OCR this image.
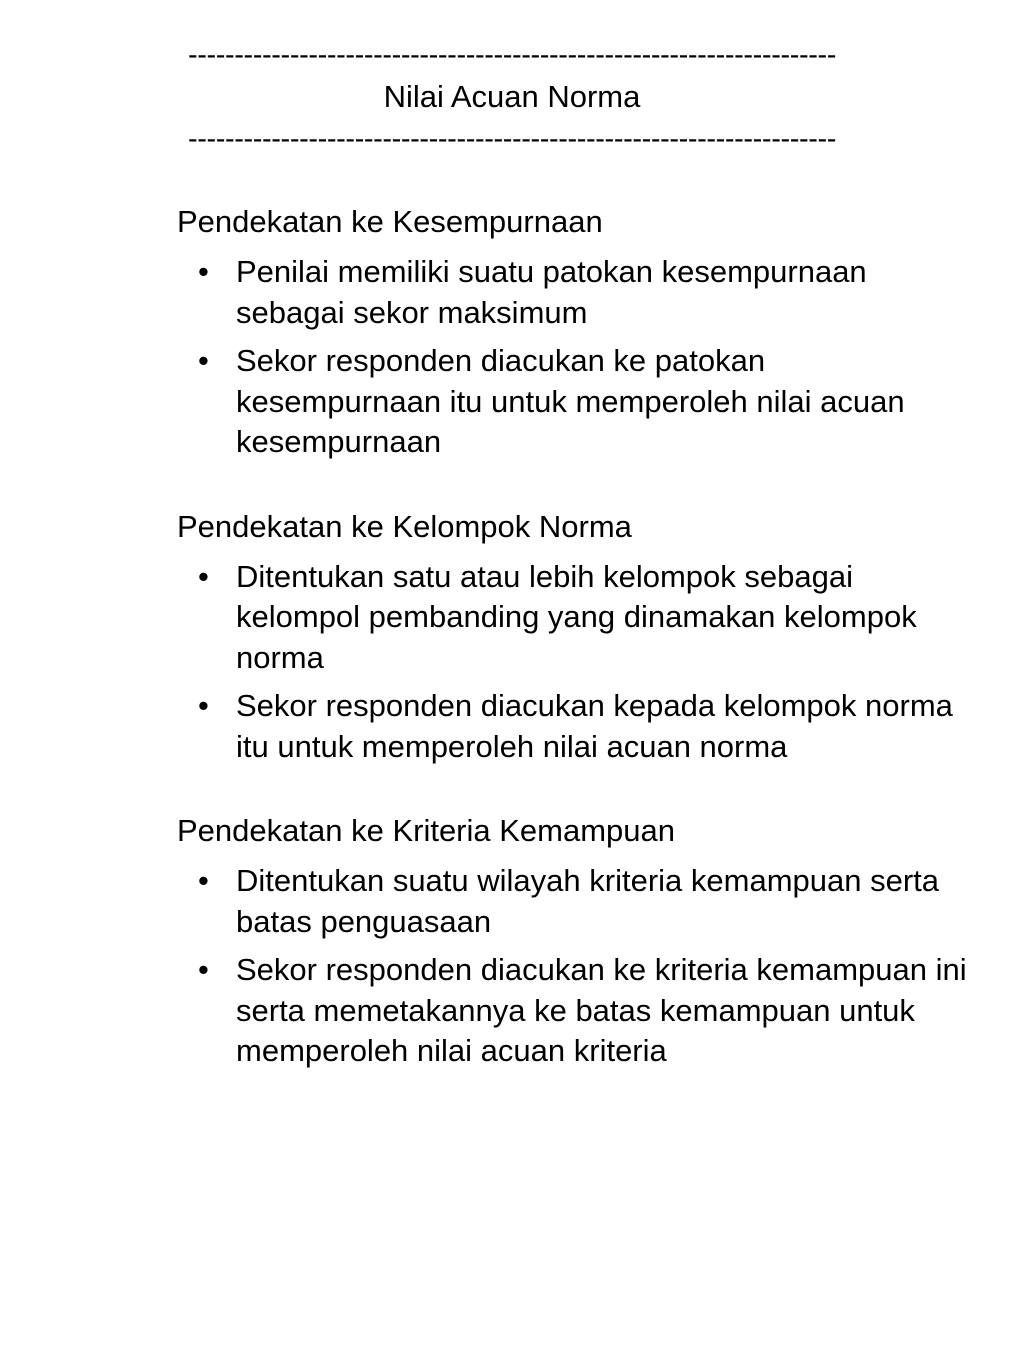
----------------------------------------------------------------------
Nilai Acuan Norma
----------------------------------------------------------------------
Pendekatan ke Kesempurnaan
• Penilai memiliki suatu patokan kesempurnaan sebagai sekor maksimum
• Sekor responden diacukan ke patokan kesempurnaan itu untuk memperoleh nilai acuan kesempurnaan
Pendekatan ke Kelompok Norma
• Ditentukan satu atau lebih kelompok sebagai kelompol pembanding yang dinamakan kelompok norma
• Sekor responden diacukan kepada kelompok norma itu untuk memperoleh nilai acuan norma
Pendekatan ke Kriteria Kemampuan
• Ditentukan suatu wilayah kriteria kemampuan serta batas penguasaan
• Sekor responden diacukan ke kriteria kemampuan ini serta memetakannya ke batas kemampuan untuk memperoleh nilai acuan kriteria
